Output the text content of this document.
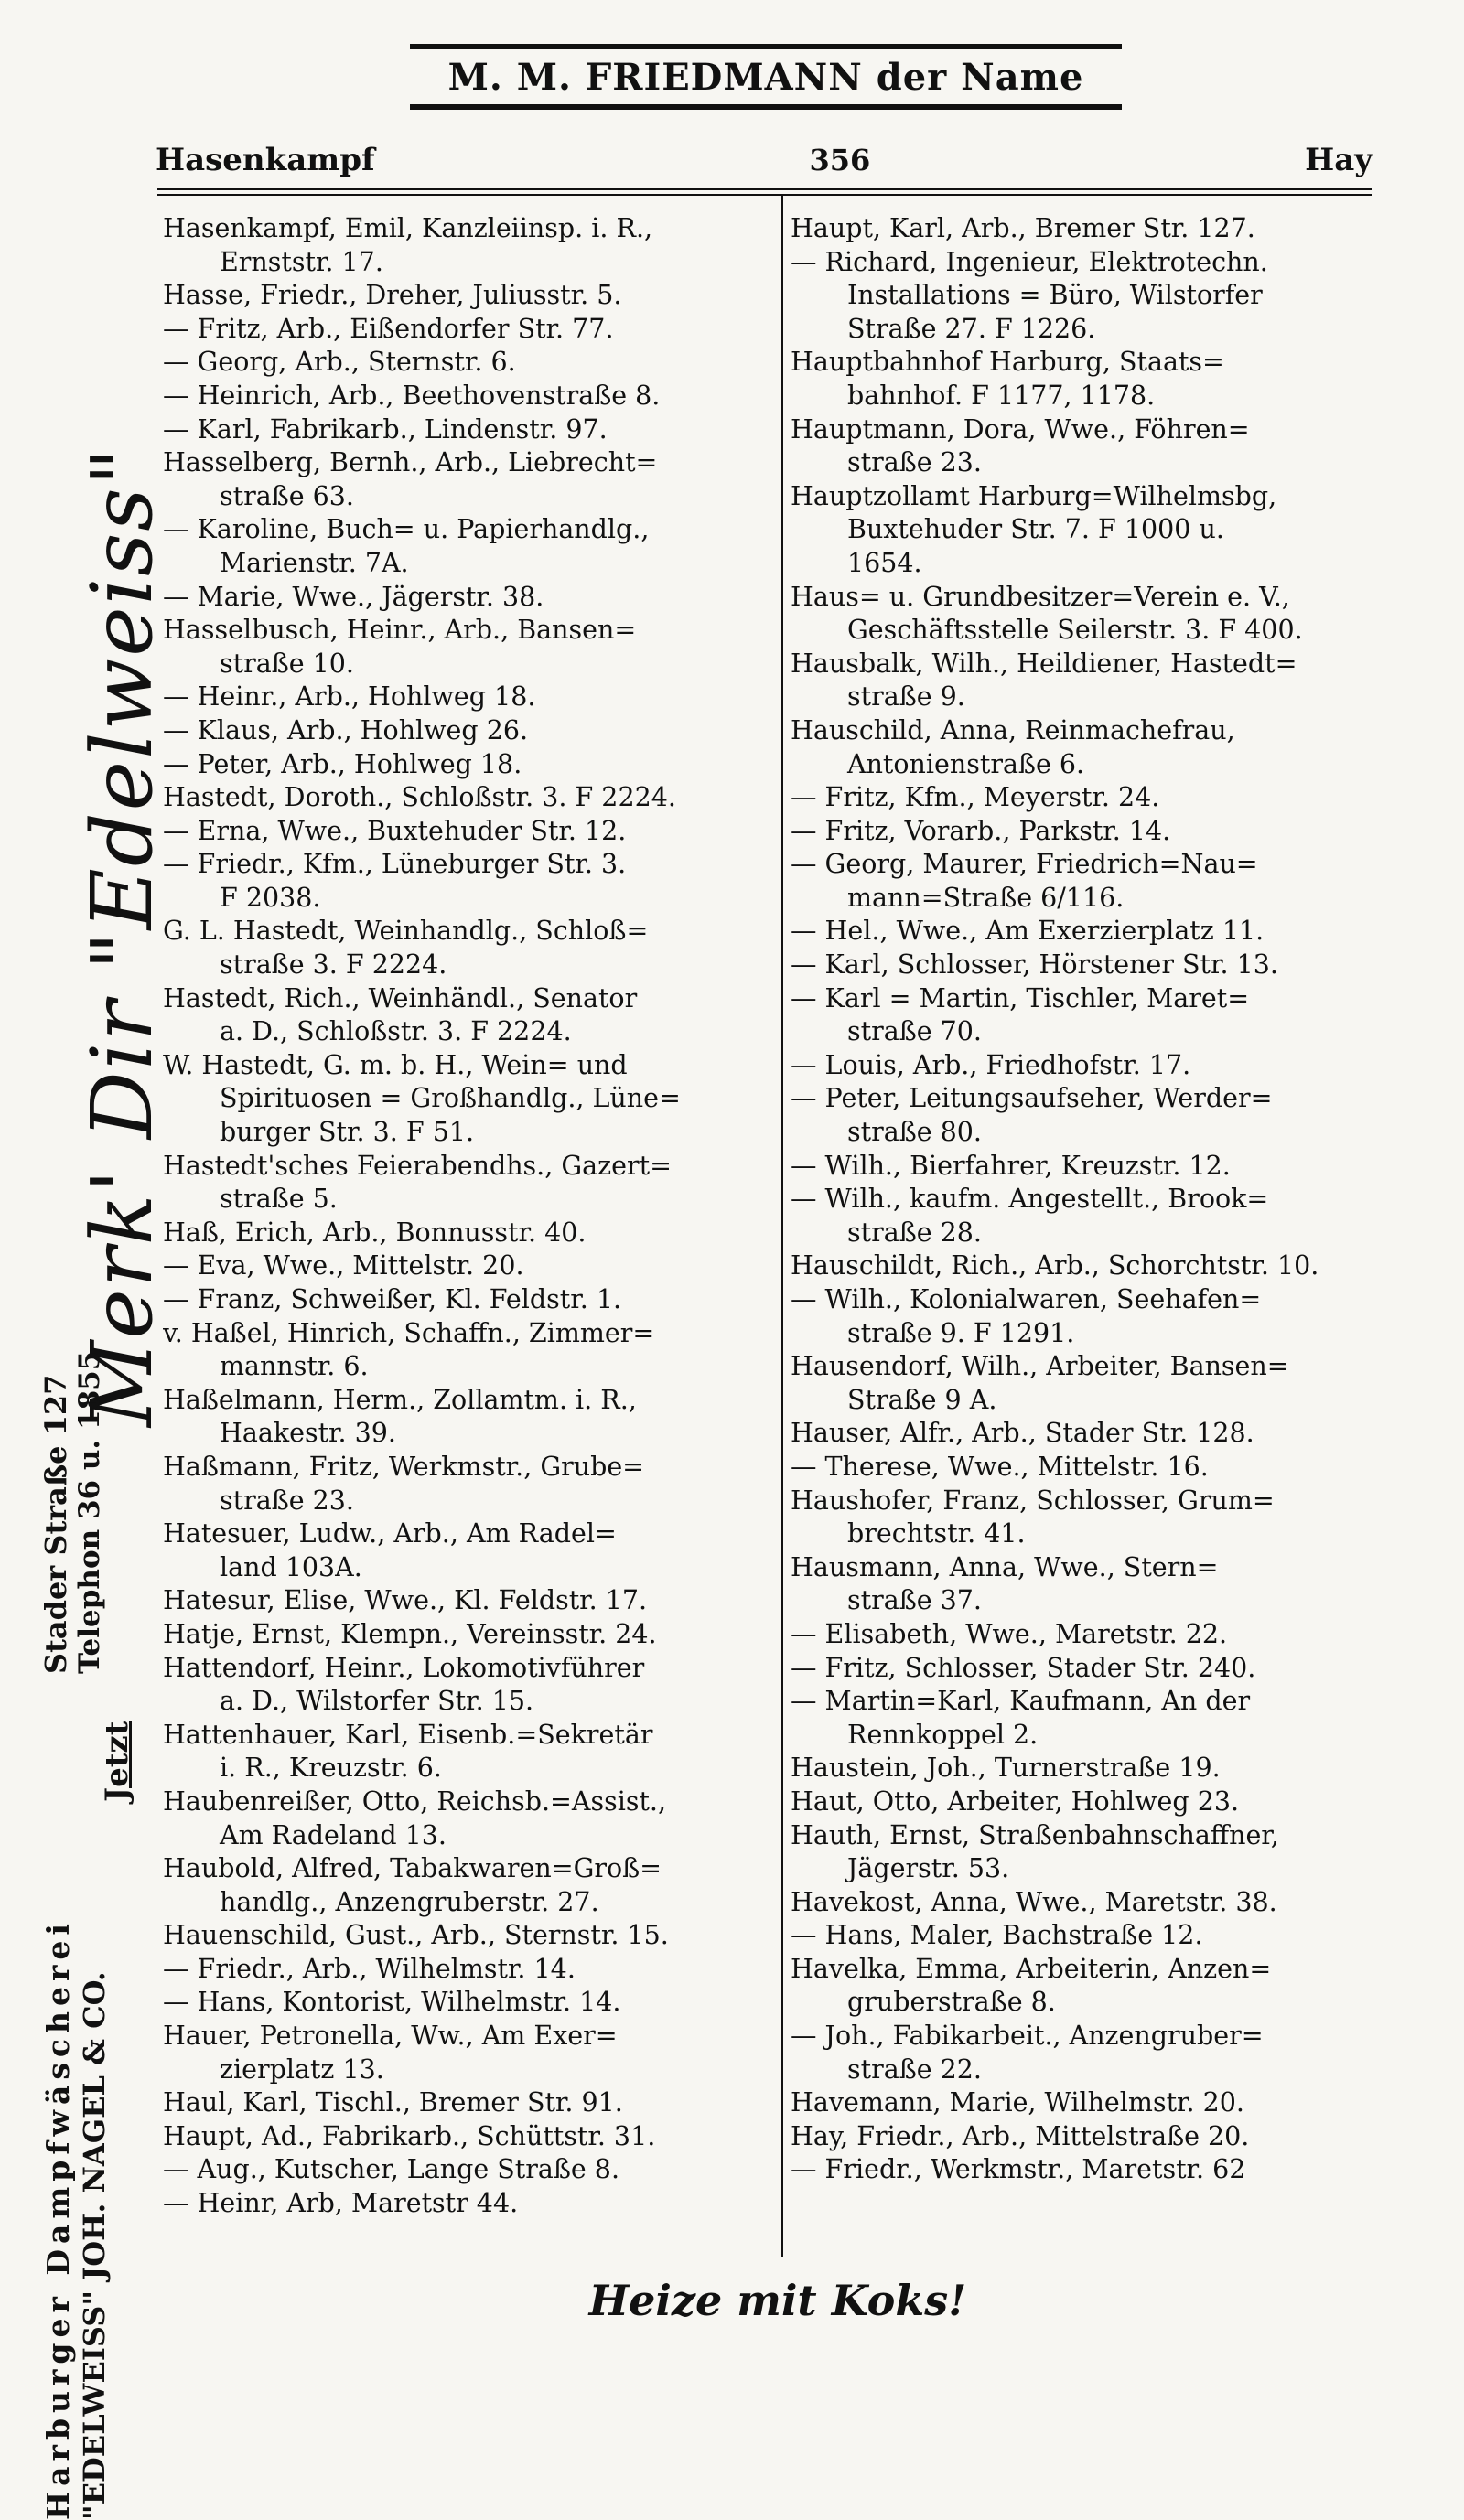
M. M. FRIEDMANN der Name
Hasenkampf	356	Hay
Merk' Dir "Edelweiss"
Stader Straße 127 Telephon 36 u. 1855
Jetzt
Harburger Dampfwäscherei "EDELWEISS" JOH. NAGEL & CO.
Hasenkampf, Emil, Kanzleiinsp. i. R.,
Ernststr. 17.
Hasse, Friedr., Dreher, Juliusstr. 5.
— Fritz, Arb., Eißendorfer Str. 77.
— Georg, Arb., Sternstr. 6.
— Heinrich, Arb., Beethovenstraße 8.
— Karl, Fabrikarb., Lindenstr. 97.
Hasselberg, Bernh., Arb., Liebrecht=
straße 63.
— Karoline, Buch= u. Papierhandlg.,
Marienstr. 7A.
— Marie, Wwe., Jägerstr. 38.
Hasselbusch, Heinr., Arb., Bansen=
straße 10.
— Heinr., Arb., Hohlweg 18.
— Klaus, Arb., Hohlweg 26.
— Peter, Arb., Hohlweg 18.
Hastedt, Doroth., Schloßstr. 3. F 2224.
— Erna, Wwe., Buxtehuder Str. 12.
— Friedr., Kfm., Lüneburger Str. 3.
F 2038.
G. L. Hastedt, Weinhandlg., Schloß=
straße 3. F 2224.
Hastedt, Rich., Weinhändl., Senator
a. D., Schloßstr. 3. F 2224.
W. Hastedt, G. m. b. H., Wein= und
Spirituosen = Großhandlg., Lüne=
burger Str. 3. F 51.
Hastedt'sches Feierabendhs., Gazert=
straße 5.
Haß, Erich, Arb., Bonnusstr. 40.
— Eva, Wwe., Mittelstr. 20.
— Franz, Schweißer, Kl. Feldstr. 1.
v. Haßel, Hinrich, Schaffn., Zimmer=
mannstr. 6.
Haßelmann, Herm., Zollamtm. i. R.,
Haakestr. 39.
Haßmann, Fritz, Werkmstr., Grube=
straße 23.
Hatesuer, Ludw., Arb., Am Radel=
land 103A.
Hatesur, Elise, Wwe., Kl. Feldstr. 17.
Hatje, Ernst, Klempn., Vereinsstr. 24.
Hattendorf, Heinr., Lokomotivführer
a. D., Wilstorfer Str. 15.
Hattenhauer, Karl, Eisenb.=Sekretär
i. R., Kreuzstr. 6.
Haubenreißer, Otto, Reichsb.=Assist.,
Am Radeland 13.
Haubold, Alfred, Tabakwaren=Groß=
handlg., Anzengruberstr. 27.
Hauenschild, Gust., Arb., Sternstr. 15.
— Friedr., Arb., Wilhelmstr. 14.
— Hans, Kontorist, Wilhelmstr. 14.
Hauer, Petronella, Ww., Am Exer=
zierplatz 13.
Haul, Karl, Tischl., Bremer Str. 91.
Haupt, Ad., Fabrikarb., Schüttstr. 31.
— Aug., Kutscher, Lange Straße 8.
— Heinr, Arb, Maretstr 44.
Haupt, Karl, Arb., Bremer Str. 127.
— Richard, Ingenieur, Elektrotechn.
Installations = Büro, Wilstorfer
Straße 27. F 1226.
Hauptbahnhof Harburg, Staats=
bahnhof. F 1177, 1178.
Hauptmann, Dora, Wwe., Föhren=
straße 23.
Hauptzollamt Harburg=Wilhelmsbg,
Buxtehuder Str. 7. F 1000 u.
1654.
Haus= u. Grundbesitzer=Verein e. V.,
Geschäftsstelle Seilerstr. 3. F 400.
Hausbalk, Wilh., Heildiener, Hastedt=
straße 9.
Hauschild, Anna, Reinmachefrau,
Antonienstraße 6.
— Fritz, Kfm., Meyerstr. 24.
— Fritz, Vorarb., Parkstr. 14.
— Georg, Maurer, Friedrich=Nau=
mann=Straße 6/116.
— Hel., Wwe., Am Exerzierplatz 11.
— Karl, Schlosser, Hörstener Str. 13.
— Karl = Martin, Tischler, Maret=
straße 70.
— Louis, Arb., Friedhofstr. 17.
— Peter, Leitungsaufseher, Werder=
straße 80.
— Wilh., Bierfahrer, Kreuzstr. 12.
— Wilh., kaufm. Angestellt., Brook=
straße 28.
Hauschildt, Rich., Arb., Schorchtstr. 10.
— Wilh., Kolonialwaren, Seehafen=
straße 9. F 1291.
Hausendorf, Wilh., Arbeiter, Bansen=
Straße 9 A.
Hauser, Alfr., Arb., Stader Str. 128.
— Therese, Wwe., Mittelstr. 16.
Haushofer, Franz, Schlosser, Grum=
brechtstr. 41.
Hausmann, Anna, Wwe., Stern=
straße 37.
— Elisabeth, Wwe., Maretstr. 22.
— Fritz, Schlosser, Stader Str. 240.
— Martin=Karl, Kaufmann, An der
Rennkoppel 2.
Haustein, Joh., Turnerstraße 19.
Haut, Otto, Arbeiter, Hohlweg 23.
Hauth, Ernst, Straßenbahnschaffner,
Jägerstr. 53.
Havekost, Anna, Wwe., Maretstr. 38.
— Hans, Maler, Bachstraße 12.
Havelka, Emma, Arbeiterin, Anzen=
gruberstraße 8.
— Joh., Fabikarbeit., Anzengruber=
straße 22.
Havemann, Marie, Wilhelmstr. 20.
Hay, Friedr., Arb., Mittelstraße 20.
— Friedr., Werkmstr., Maretstr. 62
Heize mit Koks!
